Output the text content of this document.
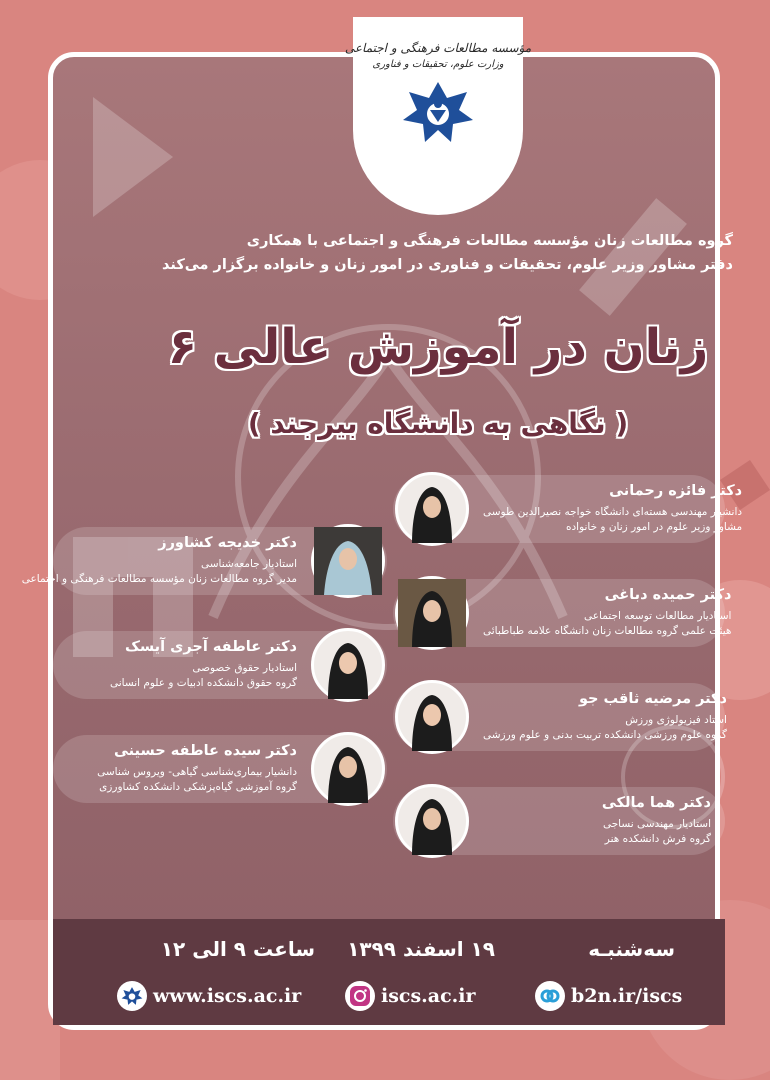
مؤسسه مطالعات فرهنگی و اجتماعی
وزارت علوم، تحقیقات و فناوری
گروه مطالعات زنان مؤسسه مطالعات فرهنگی و اجتماعی با همکاری
دفتر مشاور وزیر علوم، تحقیقات و فناوری در امور زنان و خانواده برگزار می‌کند
زنان در آموزش عالی ۶
( نگاهی به دانشگاه بیرجند )
دکتر فائزه رحمانی
دانشیار مهندسی هسته‌ای دانشگاه خواجه نصیرالدین طوسی
مشاور وزیر علوم در امور زنان و خانواده
دکتر حمیده دباغی
استادیار مطالعات توسعه اجتماعی
هیئت علمی گروه مطالعات زنان دانشگاه علامه طباطبائی
دکتر مرضیه ثاقب جو
استاد فیزیولوژی ورزش
گروه علوم ورزشی دانشکده تربیت بدنی و علوم ورزشی
دکتر هما مالکی
استادیار مهندسی نساجی
گروه فرش دانشکده هنر
دکتر خدیجه کشاورز
استادیار جامعه‌شناسی
مدیر گروه مطالعات زنان مؤسسه مطالعات فرهنگی و اجتماعی
دکتر عاطفه آجری آیسک
استادیار حقوق خصوصی
گروه حقوق دانشکده ادبیات و علوم انسانی
دکتر سیده عاطفه حسینی
دانشیار بیماری‌شناسی گیاهی- ویروس شناسی
گروه آموزشی گیاه‌پزشکی دانشکده کشاورزی
سه‌شنبـه
۱۹ اسفند ۱۳۹۹
ساعت ۹ الی ۱۲
www.iscs.ac.ir	iscs.ac.ir	b2n.ir/iscs
